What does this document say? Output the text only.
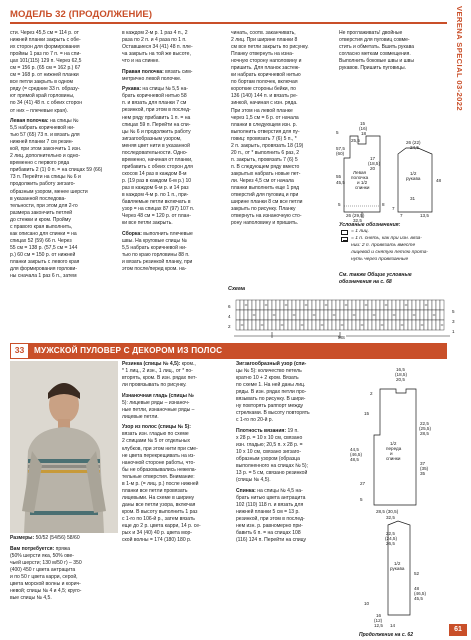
МОДЕЛЬ 32 (ПРОДОЛЖЕНИЕ)	VERENA SPECIAL 03-2022
сти. Через 45,5 см = 114 р. от
нижней планки закрыть с обе-
их сторон для формирования
проймы 1 раз по 7 п. = на спи-
цах 101(115) 129 п. Через 62,5
см = 156 р. (65 см = 162 р.) 67
см = 168 р. от нижней планки
все петли закрыть в одном
ряду (= средние 33 п. образу-
ют прямой край горловины,
по 34 (41) 48 п. с обеих сторон
от них – плечевые края).
Левая полочка: на спицы №
5,5 набрать коричневой ни-
тью 57 (65) 73 п. и вязать для
нижней планки 7 см резин-
кой, при этом закончить 1 изн.
2 лиц. дополнительно и одно-
временно с первого ряда
прибавить 2 (1) 0 п. = на спицах 59 (66)
73 п. Перейти на спицы № 6 и
продолжить работу зигзаго-
образным узором, менее шерсти
в указанной последова-
тельности, при этом для 2-го
размера закончить петлей
до стежки и кром. Пройму
с правого края выполнить,
как описано для спинки = на
спицах 52 (59) 66 п. Через
55 см = 138 р. (57,5 см = 144
р.) 60 см = 150 р. от нижней
планки закрыть с левого края
для формирования горлови-
ны сначала 1 раз 6 п., затем
в каждом 2-м р. 1 раз 4 п., 2
раза по 2 п. и 4 раза по 1 п.
Оставшиеся 34 (41) 48 п. пле-
ча закрыть на той же высоте,
что и на спинке.
Правая полочка: вязать сим-
метрично левой полочке.
Рукава: на спицы № 5,5 на-
брать коричневой нитью 58
п. и вязать для планки 7 см
резинкой, при этом в послед-
нем ряду прибавить 1 п. = на
спицах 59 п. Перейти на спи-
цы № 6 и продолжить работу
зигзагообразным узором,
меняя цвет нити в указанной
последовательности. Одно-
временно, начиная от планки,
прибавить с обеих сторон для
скосов 14 раз в каждом 8-м
р. (19 раз в каждом 6-м р.) 10
раз в каждом 6-м р. и 14 раз
в каждом 4-м р. по 1 п., при-
бавляемые петли включать в
узор = на спицах 87 (97) 107 п.
Через 48 см = 120 р. от план-
ки все петли закрыть.
Сборка: выполнить плечевые
швы. На круговые спицы №
5,5 набрать коричневой ни-
тью по краю горловины 88 п.
и вязать резинкой планку, при
этом после/перед кром. на-
чинать, соотв. заканчивать,
2 лиц. При ширине планки 8
см все петли закрыть по рисунку.
Планку отвернуть на изна-
ночную сторону наполовину и
пришить. Для планок застеж-
ки набрать коричневой нитью
по бортам полочек, включая
короткие стороны бейки, по
136 (140) 144 п. и вязать ре-
зинкой, начиная с изн. ряда.
При этом на левой планке
через 1,5 см = 6 р. от начала
планки в следующем изн. р.
выполнить отверстия для пу-
говиц: провязать 7 (6) 5 п., *
2 п. закрыть, провязать 18 (19)
20 п., от * выполнить 6 раз, 2
п. закрыть, провязать 7 (6) 5
п. В следующем ряду вместо
закрытых набрать новые пет-
ли. Через 4,5 см от начала
планки выполнить еще 1 ряд
отверстий для пуговиц и при
ширине планки 8 см все петли
закрыть по рисунку. Планку
отвернуть на изнаночную сто-
рону наполовину и пришить.
Не проглаживать! двойные
отверстия для пуговиц совме-
стить и обметать. Вшить рукава
согласно меткам совмещения.
Выполнить боковые швы и швы
рукавов. Пришить пуговицы.
15
(16)
18
5
25,5
17
(18,5)
20
26 (22)
24,5
57,5
(60)
55
45,5
5	8
31
7	13,5
48
7
26 (29,5)
32,5
Левая
полочка
и 1/2
спинки
1/2
рукава
Условные обозначения:
= 1 лиц.
= 1 п. снять, как при изн. вяза-
нии: 2 п. провязать вместе
лицевой и снятую петлю прота-
нуть через провязанные
См. также Общие условные
обозначения на с. 68
Схема
6
4
2
5
3
1
MS
33	МУЖСКОЙ ПУЛОВЕР С ДЕКОРОМ ИЗ ПОЛОС
Размеры: 50/52 (54/56) 58/60
Вам потребуется: пряжа
(50% шерсти яка, 50% ове-
чьей шерсти; 130 м/50 г) – 350
(400) 450 г цвета антрацита
и по 50 г цвета карри, серой,
цвета морской волны и корич-
невой; спицы № 4 и 4,5; круго-
вые спицы № 4,5.
Резинка (спицы № 4,5): кром.,
* 1 лиц., 2 изн., 1 лиц., от * по-
вторять, кром. В изн. рядах пет-
ли провязывать по рисунку.
Изнаночная гладь (спицы №
5): лицевые ряды – изнаноч-
ные петли, изнаночные ряды –
лицевые петли.
Узор из полос (спицы № 5):
вязать изн. гладью по схеме
2 спицами № 5 от отдельных
клубков, при этом нити при сме-
не цвета перекрещивать на из-
наночной стороне работы, что-
бы не образовывались нежела-
тельные отверстия. Внимание:
в 1-м р. (= лиц. р.) после нижней
планки все петли провязать
лицевыми. На схеме в ширину
даны все петли узора, включая
кром. В высоту выполнить 1 раз
с 1-го по 106-й р., затем вязать
еще до 2 р. цвета карри, 14 р. се-
рых и 34 (40) 40 р. цвета мор-
ской волны = 174 (180) 180 р.
Зигзагообразный узор (спи-
цы № 5): количество петель
кратно 10 + 2 кром. Вязать
по схеме 1. На ней даны лиц.
ряды. В изн. рядах петли про-
вязывать по рисунку. В шири-
ну повторять раппорт между
стрелками. В высоту повторять
с 1-го по 20-й р.
Плотность вязания: 19 п.
х 28 р. = 10 х 10 см, связано
изн. гладью; 20,5 п. х 28 р. =
10 х 10 см, связано зигзаго-
образным узором (образца
выполненного на спицах № 5);
13 р. = 5 см, связано резинкой
(спицы № 4,5).
Спинка: на спицы № 4,5 на-
брать нитью цвета антрацита
102 (110) 118 п. и вязать для
нижней планки 5 см = 13 р.
резинкой, при этом в послед-
нем изн. р. равномерно при-
бавить 6 п. = на спицах 108
(116) 124 п. Перейти на спицу
16,5
(18,5)
20,5
22,5
(25,5)
28,5
44,5
(46,5)
48,5
37
(35)
35
27
15
2
5
28,5 (30,5)
32,5
22,5
(24,5)
26,5
52
48
(46,5)
45,5
16
(12)
12,5 14
10
1/2
переда
и
спинки
1/2
рукава
Продолжение на с. 62
61
